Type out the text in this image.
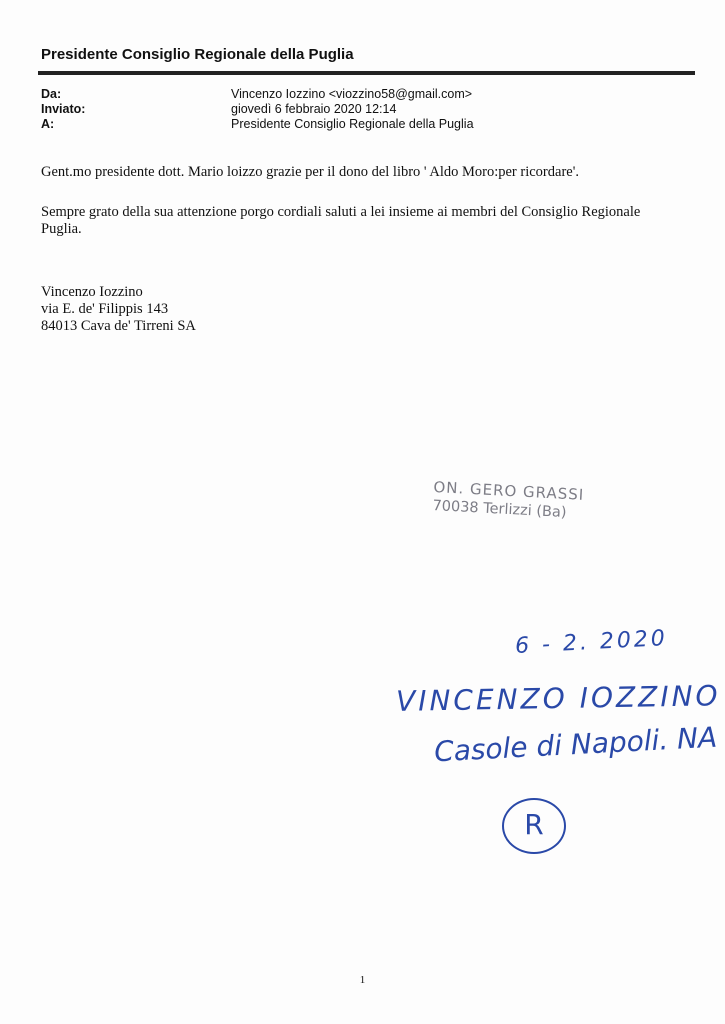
Presidente Consiglio Regionale della Puglia
Da:	Vincenzo Iozzino <viozzino58@gmail.com>
Inviato:	giovedì 6 febbraio 2020 12:14
A:	Presidente Consiglio Regionale della Puglia
Gent.mo presidente dott. Mario loizzo grazie per il dono del libro ' Aldo Moro:per ricordare'.
Sempre grato della sua attenzione porgo cordiali saluti a lei insieme ai membri del Consiglio Regionale Puglia.
Vincenzo Iozzino
via E. de' Filippis 143
84013 Cava de' Tirreni SA
ON. GERO GRASSI
70038 Terlizzi (Ba)
6 - 2. 2020
VINCENZO IOZZINO
Casole di Napoli. NA
R
1
